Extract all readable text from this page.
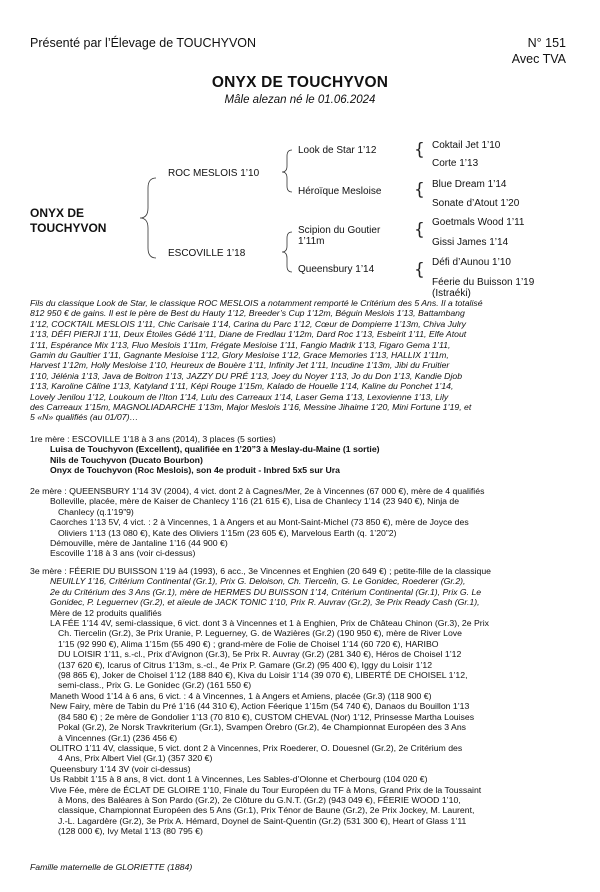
Présenté par l’Élevage de TOUCHYVON	N° 151
Avec TVA
ONYX DE TOUCHYVON
Mâle alezan né le 01.06.2024
ONYX DE
TOUCHYVON
ROC MESLOIS 1’10
ESCOVILLE 1’18
Look de Star 1’12
Héroïque Mesloise
Scipion du Goutier
1’11m
Queensbury 1’14
{
{
{
{
Coktail Jet 1’10
Corte 1’13
Blue Dream 1’14
Sonate d’Atout 1’20
Goetmals Wood 1’11
Gissi James 1’14
Défi d’Aunou 1’10
Féerie du Buisson 1’19
(Istraéki)
Fils du classique Look de Star, le classique ROC MESLOIS a notamment remporté le Critérium des 5 Ans. Il a totalisé
812 950 € de gains. Il est le père de Best du Hauty 1’12, Breeder’s Cup 1’12m, Béguin Meslois 1’13, Battambang
1’12, COCKTAIL MESLOIS 1’11, Chic Carisaie 1’14, Carina du Parc 1’12, Cœur de Dompierre 1’13m, Chiva Julry
1’13, DÉFI PIERJI 1’11, Deux Étoiles Gédé 1’11, Diane de Fredlau 1’12m, Dard Roc 1’13, Esbeirit 1’11, Elfe Atout
1’11, Espérance Mix 1’13, Fluo Meslois 1’11m, Frégate Mesloise 1’11, Fangio Madrik 1’13, Figaro Gema 1’11,
Gamin du Gaultier 1’11, Gagnante Mesloise 1’12, Glory Mesloise 1’12, Grace Memories 1’13, HALLIX 1’11m,
Harvest 1’12m, Holly Mesloise 1’10, Heureux de Bouère 1’11, Infinity Jet 1’11, Incudine 1’13m, Jibi du Fruitier
1’10, Jélénia 1’13, Java de Boitron 1’13, JAZZY DU PRÉ 1’13, Joey du Noyer 1’13, Jo du Don 1’13, Kandie Djob
1’13, Karoline Câline 1’13, Katyland 1’11, Képi Rouge 1’15m, Kalado de Houelle 1’14, Kaline du Ponchet 1’14,
Lovely Jenilou 1’12, Loukoum de l’Iton 1’14, Lulu des Carreaux 1’14, Laser Gema 1’13, Lexovienne 1’13, Lily
des Carreaux 1’15m, MAGNOLIADARCHE 1’13m, Major Meslois 1’16, Messine Jihaime 1’20, Mini Fortune 1’19, et
5 «N» qualifiés (au 01/07)…
1re mère : ESCOVILLE 1’18 à 3 ans (2014), 3 places (5 sorties)
Luisa de Touchyvon (Excellent), qualifiée en 1’20”3 à Meslay-du-Maine (1 sortie)
Nils de Touchyvon (Ducato Bourbon)
Onyx de Touchyvon (Roc Meslois), son 4e produit - Inbred 5x5 sur Ura
2e mère : QUEENSBURY 1’14 3V (2004), 4 vict. dont 2 à Cagnes/Mer, 2e à Vincennes (67 000 €), mère de 4 qualifiés
Bolleville, placée, mère de Kaiser de Chanlecy 1’16 (21 615 €), Lisa de Chanlecy 1’14 (23 940 €), Ninja de
Chanlecy (q.1’19”9)
Caorches 1’13 5V, 4 vict. : 2 à Vincennes, 1 à Angers et au Mont-Saint-Michel (73 850 €), mère de Joyce des
Oliviers 1’13 (13 080 €), Kate des Oliviers 1’15m (23 605 €), Marvelous Earth (q. 1’20”2)
Démouville, mère de Jantaline 1’16 (44 900 €)
Escoville 1’18 à 3 ans (voir ci-dessus)
3e mère : FÉERIE DU BUISSON 1’19 à4 (1993), 6 acc., 3e Vincennes et Enghien (20 649 €) ; petite-fille de la classique
NEUILLY 1’16, Critérium Continental (Gr.1), Prix G. Deloison, Ch. Tiercelin, G. Le Gonidec, Roederer (Gr.2),
2e du Critérium des 3 Ans (Gr.1), mère de HERMES DU BUISSON 1’14, Critérium Continental (Gr.1), Prix G. Le
Gonidec, P. Leguernev (Gr.2), et aïeule de JACK TONIC 1’10, Prix R. Auvrav (Gr.2), 3e Prix Ready Cash (Gr.1),
Mère de 12 produits qualifiés
LA FÉE 1’14 4V, semi-classique, 6 vict. dont 3 à Vincennes et 1 à Enghien, Prix de Château Chinon (Gr.3), 2e Prix
Ch. Tiercelin (Gr.2), 3e Prix Uranie, P. Leguerney, G. de Wazières (Gr.2) (190 950 €), mère de River Love
1’15 (92 990 €), Alima 1’15m (55 490 €) ; grand-mère de Folie de Choisel 1’14 (60 720 €), HARIBO
DU LOISIR 1’11, s.-cl., Prix d’Avignon (Gr.3), 5e Prix R. Auvray (Gr.2) (281 340 €), Héros de Choisel 1’12
(137 620 €), Icarus of Citrus 1’13m, s.-cl., 4e Prix P. Gamare (Gr.2) (95 400 €), Iggy du Loisir 1’12
(98 865 €), Joker de Choisel 1’12 (188 840 €), Kiva du Loisir 1’14 (39 070 €), LIBERTÉ DE CHOISEL 1’12,
semi-class., Prix G. Le Gonidec (Gr.2) (161 550 €)
Maneth Wood 1’14 à 6 ans, 6 vict. : 4 à Vincennes, 1 à Angers et Amiens, placée (Gr.3) (118 900 €)
New Fairy, mère de Tabin du Pré 1’16 (44 310 €), Action Féerique 1’15m (54 740 €), Danaos du Bouillon 1’13
(84 580 €) ; 2e mère de Gondolier 1’13 (70 810 €), CUSTOM CHEVAL (Nor) 1’12, Prinsesse Martha Louises
Pokal (Gr.2), 2e Norsk Travkriterium (Gr.1), Svampen Örebro (Gr.2), 4e Championnat Européen des 3 Ans
à Vincennes (Gr.1) (236 456 €)
OLITRO 1’11 4V, classique, 5 vict. dont 2 à Vincennes, Prix Roederer, O. Douesnel (Gr.2), 2e Critérium des
4 Ans, Prix Albert Viel (Gr.1) (357 320 €)
Queensbury 1’14 3V (voir ci-dessus)
Us Rabbit 1’15 à 8 ans, 8 vict. dont 1 à Vincennes, Les Sables-d’Olonne et Cherbourg (104 020 €)
Vive Fée, mère de ÉCLAT DE GLOIRE 1’10, Finale du Tour Européen du TF à Mons, Grand Prix de la Toussaint
à Mons, des Baléares à Son Pardo (Gr.2), 2e Clôture du G.N.T. (Gr.2) (943 049 €), FÉERIE WOOD 1’10,
classique, Championnat Européen des 5 Ans (Gr.1), Prix Ténor de Baune (Gr.2), 2e Prix Jockey, M. Laurent,
J.-L. Lagardère (Gr.2), 3e Prix A. Hémard, Doynel de Saint-Quentin (Gr.2) (531 300 €), Heart of Glass 1’11
(128 000 €), Ivy Metal 1’13 (80 795 €)
Famille maternelle de GLORIETTE (1884)
